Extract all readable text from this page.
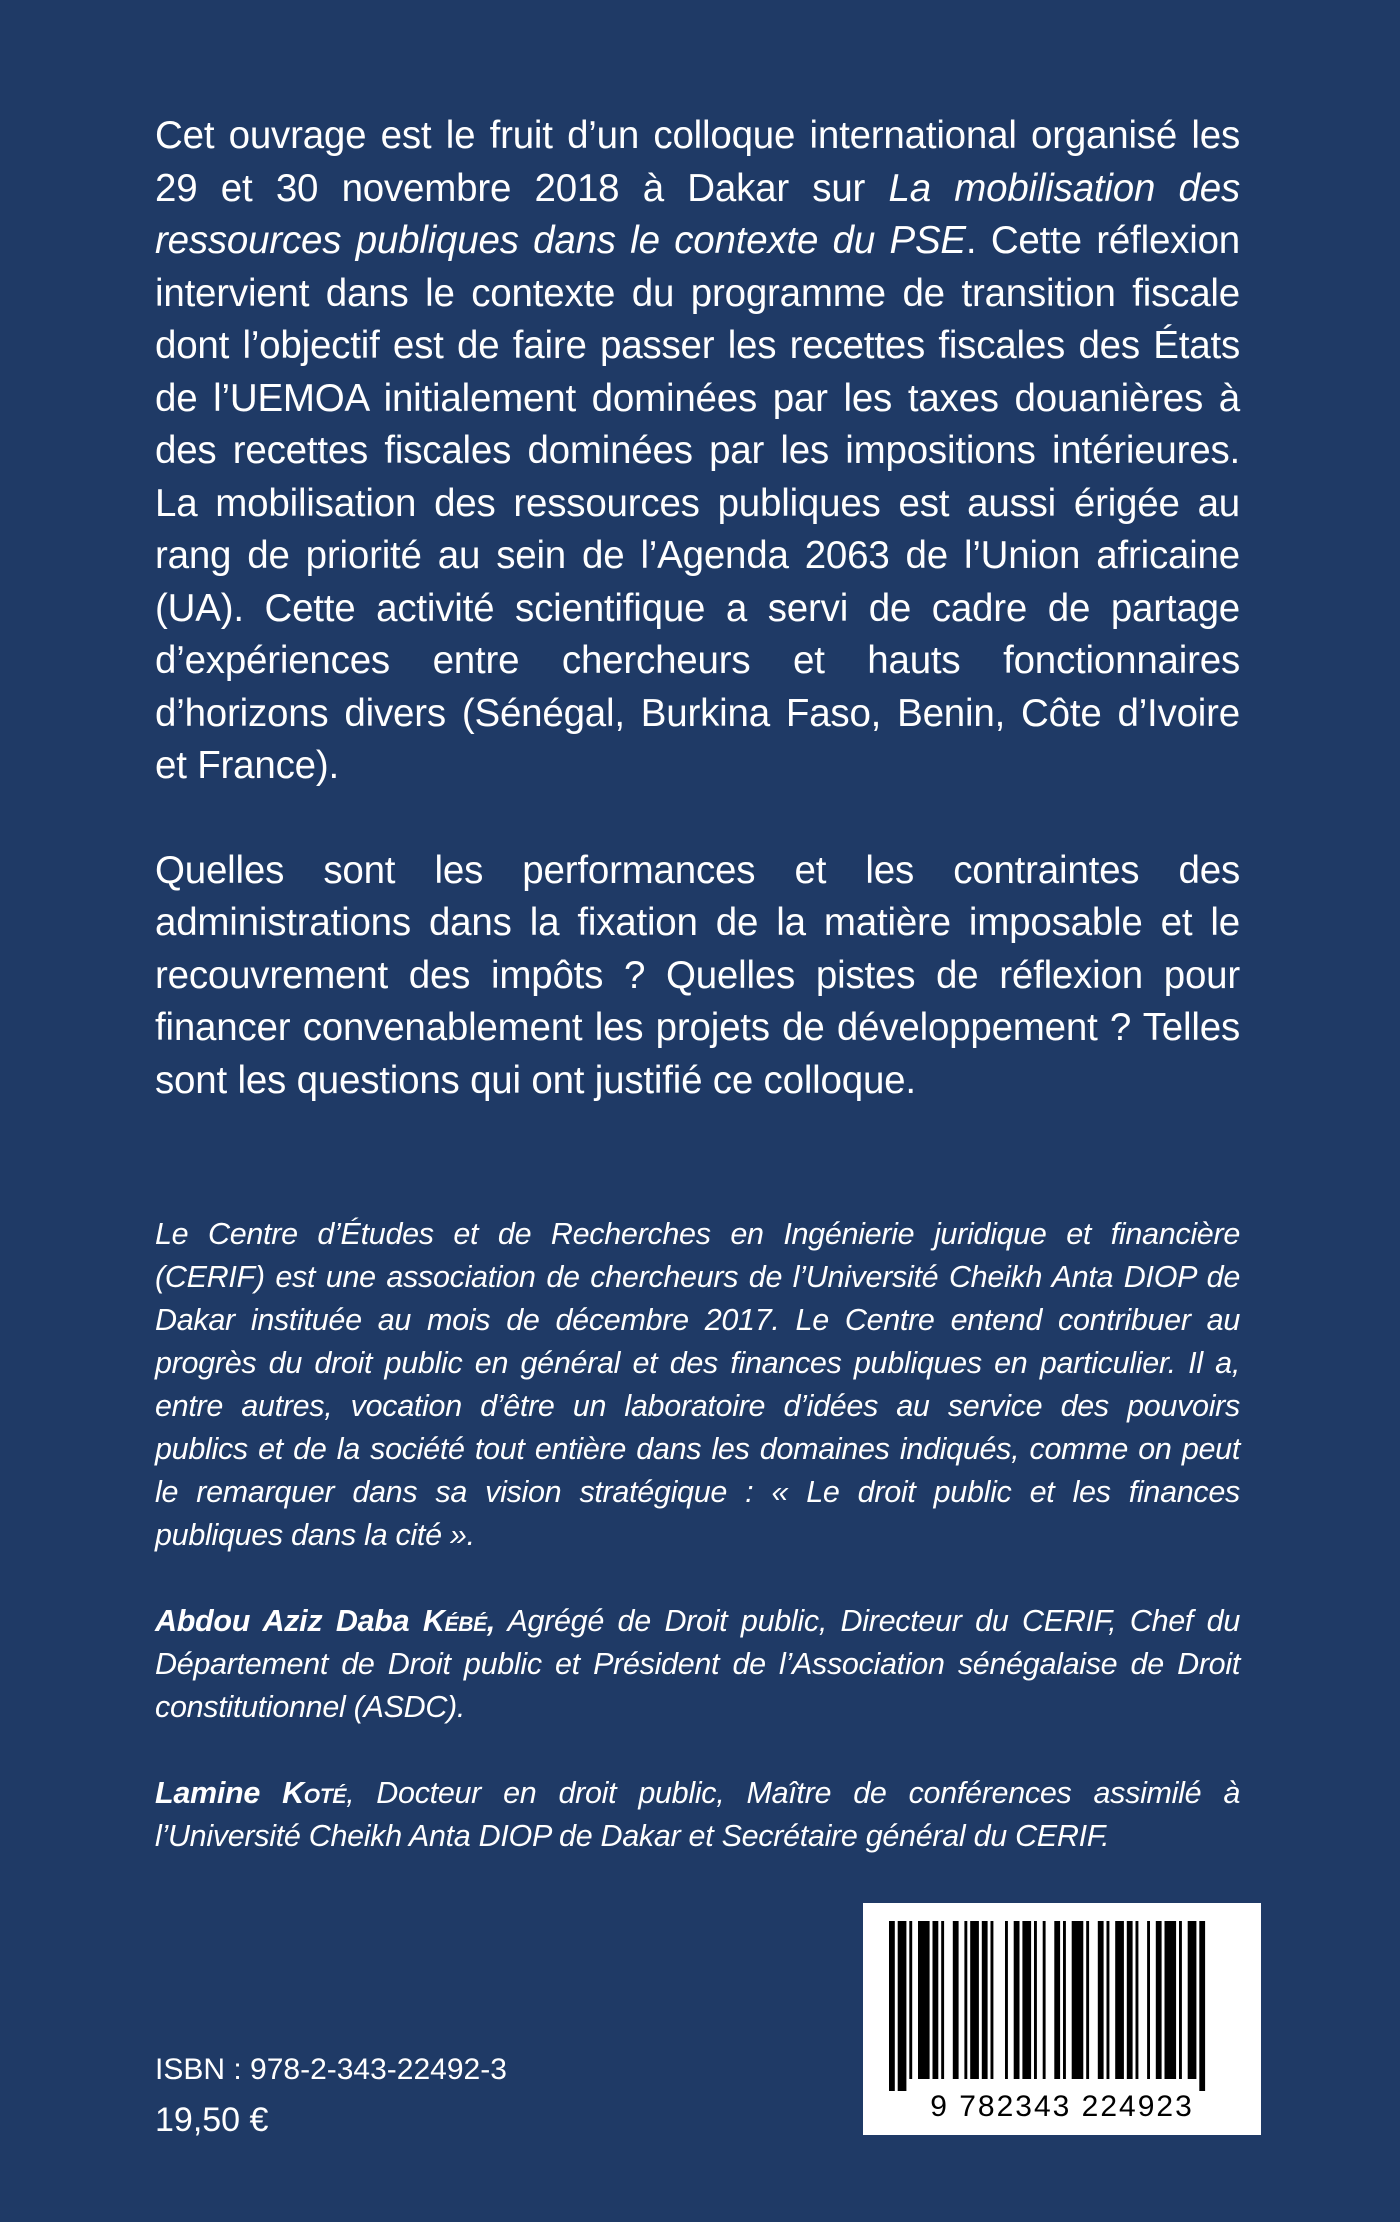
Cet ouvrage est le fruit d’un colloque international organisé les 29 et 30 novembre 2018 à Dakar sur La mobilisation des ressources publiques dans le contexte du PSE. Cette réflexion intervient dans le contexte du programme de transition fiscale dont l’objectif est de faire passer les recettes fiscales des États de l’UEMOA initialement dominées par les taxes douanières à des recettes fiscales dominées par les impositions intérieures. La mobilisation des ressources publiques est aussi érigée au rang de priorité au sein de l’Agenda 2063 de l’Union africaine (UA). Cette activité scientifique a servi de cadre de partage d’expériences entre chercheurs et hauts fonctionnaires d’horizons divers (Sénégal, Burkina Faso, Benin, Côte d’Ivoire et France).

Quelles sont les performances et les contraintes des administrations dans la fixation de la matière imposable et le recouvrement des impôts ? Quelles pistes de réflexion pour financer convenablement les projets de développement ? Telles sont les questions qui ont justifié ce colloque.

Le Centre d’Études et de Recherches en Ingénierie juridique et financière (CERIF) est une association de chercheurs de l’Université Cheikh Anta DIOP de Dakar instituée au mois de décembre 2017. Le Centre entend contribuer au progrès du droit public en général et des finances publiques en particulier. Il a, entre autres, vocation d’être un laboratoire d’idées au service des pouvoirs publics et de la société tout entière dans les domaines indiqués, comme on peut le remarquer dans sa vision stratégique : « Le droit public et les finances publiques dans la cité ».

Abdou Aziz Daba Kébé, Agrégé de Droit public, Directeur du CERIF, Chef du Département de Droit public et Président de l’Association sénégalaise de Droit constitutionnel (ASDC).

Lamine Koté, Docteur en droit public, Maître de conférences assimilé à l’Université Cheikh Anta DIOP de Dakar et Secrétaire général du CERIF.

ISBN : 978-2-343-22492-3
19,50 €	9 782343 224923
